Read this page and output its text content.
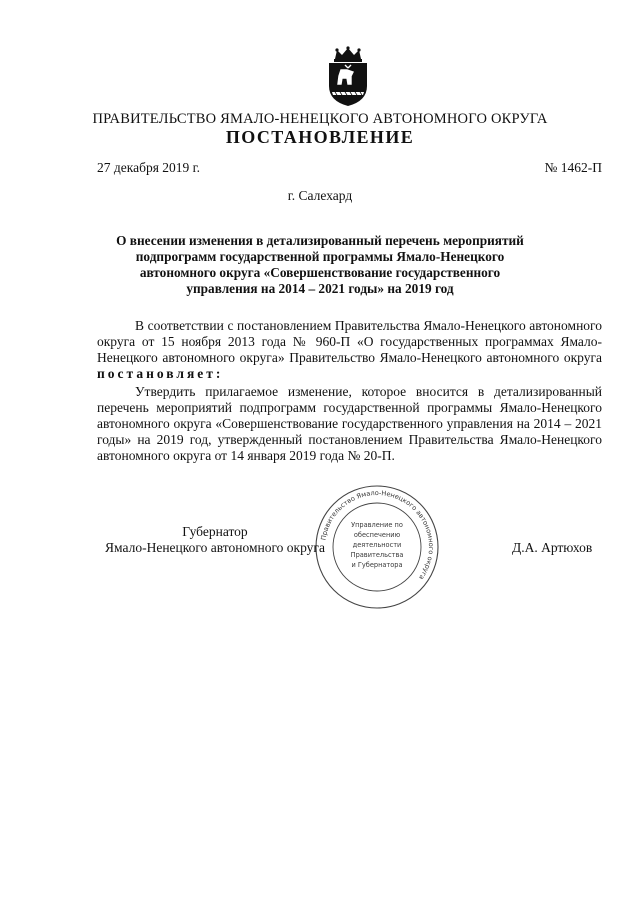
ПРАВИТЕЛЬСТВО ЯМАЛО-НЕНЕЦКОГО АВТОНОМНОГО ОКРУГА
ПОСТАНОВЛЕНИЕ
27 декабря 2019 г.	№ 1462-П
г. Салехард
О внесении изменения в детализированный перечень мероприятий подпрограмм государственной программы Ямало-Ненецкого автономного округа «Совершенствование государственного управления на 2014 – 2021 годы» на 2019 год
В соответствии с постановлением Правительства Ямало-Ненецкого автономного округа от 15 ноября 2013 года № 960-П «О государственных программах Ямало-Ненецкого автономного округа» Правительство Ямало-Ненецкого автономного округа постановляет:
Утвердить прилагаемое изменение, которое вносится в детализированный перечень мероприятий подпрограмм государственной программы Ямало-Ненецкого автономного округа «Совершенствование государственного управления на 2014 – 2021 годы» на 2019 год, утвержденный постановлением Правительства Ямало-Ненецкого автономного округа от 14 января 2019 года № 20-П.
Правительство Ямало-Ненецкого автономного округа
Управление по
обеспечению
деятельности
Правительства
и Губернатора
Губернатор
Ямало-Ненецкого автономного округа	Д.А. Артюхов
